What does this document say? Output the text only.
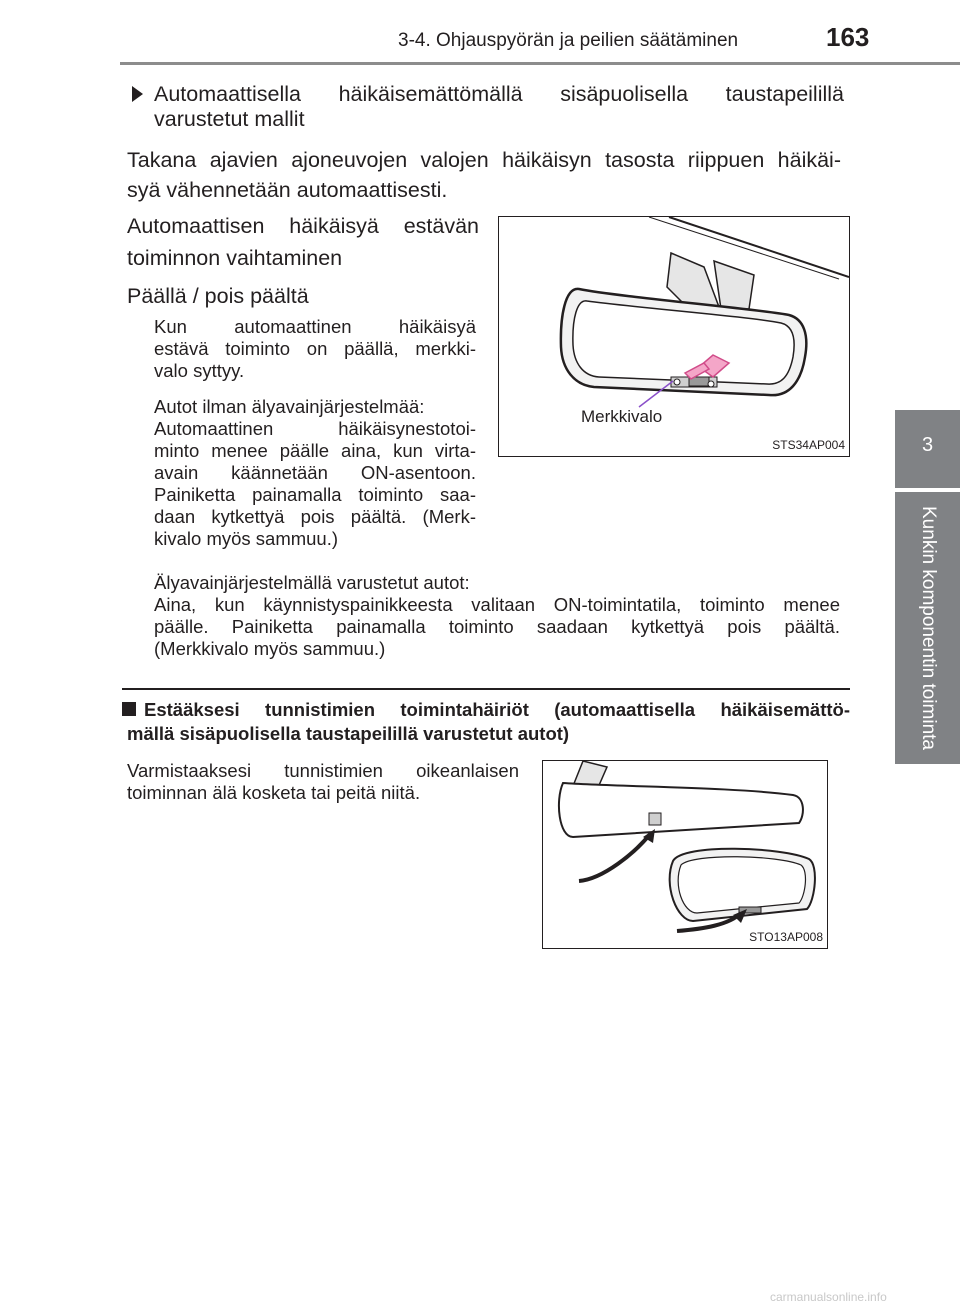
3-4. Ohjauspyörän ja peilien säätäminen	163
3
Kunkin komponentin toiminta
Automaattisella häikäisemättömällä sisäpuolisella taustapeilillä
varustetut mallit
Takana ajavien ajoneuvojen valojen häikäisyn tasosta riippuen häikäi-
syä vähennetään automaattisesti.
Automaattisen häikäisyä estävän
toiminnon vaihtaminen
Päällä / pois päältä
Kun automaattinen häikäisyä
estävä toiminto on päällä, merkki-
valo syttyy.
Autot ilman älyavainjärjestelmää:
Automaattinen häikäisynestotoi-
minto menee päälle aina, kun virta-
avain käännetään ON-asentoon.
Painiketta painamalla toiminto saa-
daan kytkettyä pois päältä. (Merk-
kivalo myös sammuu.)
Älyavainjärjestelmällä varustetut autot:
Aina, kun käynnistyspainikkeesta valitaan ON-toimintatila, toiminto menee
päälle. Painiketta painamalla toiminto saadaan kytkettyä pois päältä.
(Merkkivalo myös sammuu.)
Merkkivalo
STS34AP004
Estääksesi tunnistimien toimintahäiriöt (automaattisella häikäisemättö-
mällä sisäpuolisella taustapeilillä varustetut autot)
Varmistaaksesi tunnistimien oikeanlaisen
toiminnan älä kosketa tai peitä niitä.
STO13AP008
carmanualsonline.info
